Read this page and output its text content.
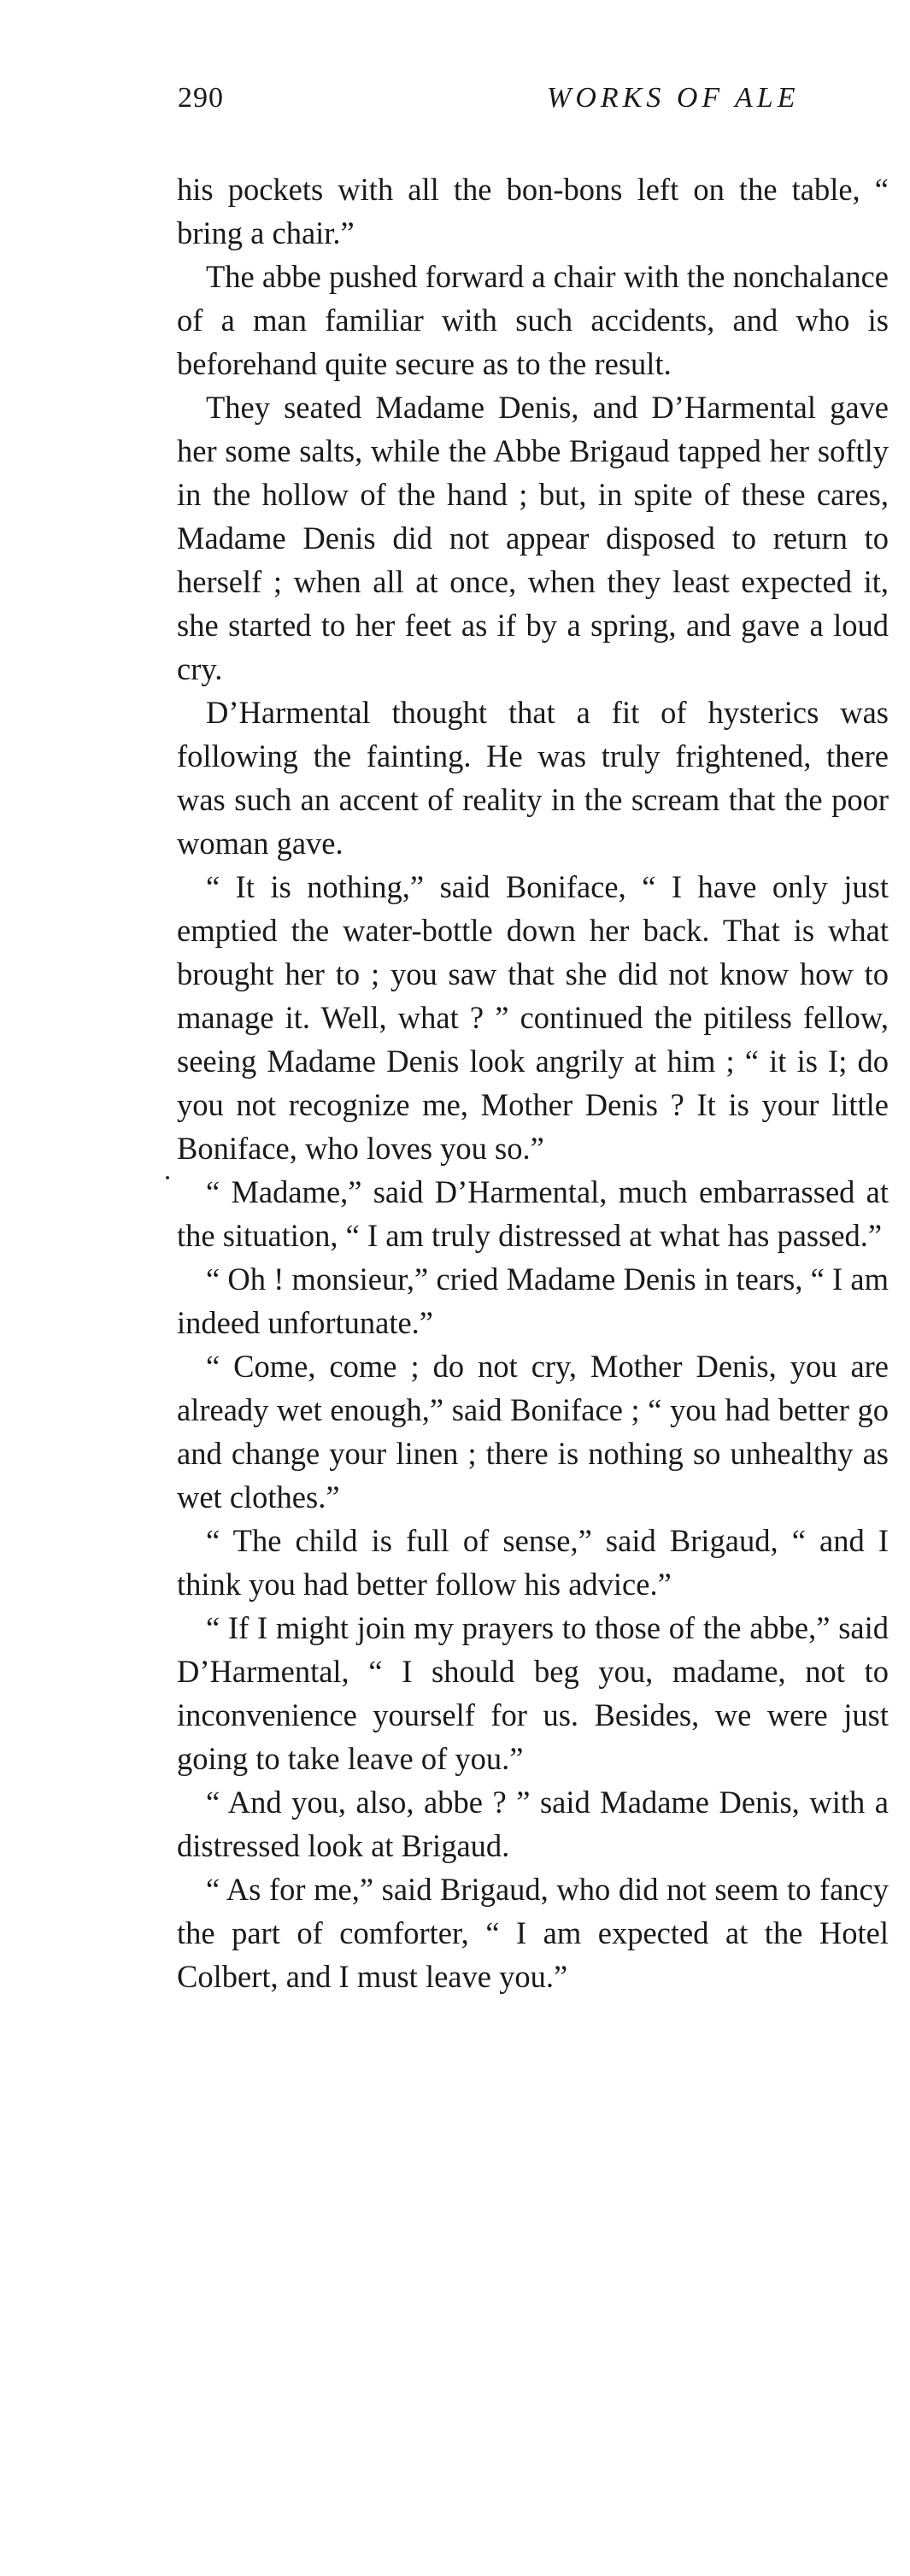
290	WORKS OF ALE

his pockets with all the bon-bons left on the table, “ bring a chair.”

The abbe pushed forward a chair with the nonchalance of a man familiar with such accidents, and who is beforehand quite secure as to the result.

They seated Madame Denis, and D’Harmental gave her some salts, while the Abbe Brigaud tapped her softly in the hollow of the hand ; but, in spite of these cares, Madame Denis did not appear disposed to return to herself ; when all at once, when they least expected it, she started to her feet as if by a spring, and gave a loud cry.

D’Harmental thought that a fit of hysterics was following the fainting. He was truly frightened, there was such an accent of reality in the scream that the poor woman gave.

“ It is nothing,” said Boniface, “ I have only just emptied the water-bottle down her back. That is what brought her to ; you saw that she did not know how to manage it. Well, what ? ” continued the pitiless fellow, seeing Madame Denis look angrily at him ; “ it is I; do you not recognize me, Mother Denis ? It is your little Boniface, who loves you so.”

“ Madame,” said D’Harmental, much embarrassed at the situation, “ I am truly distressed at what has passed.”

“ Oh ! monsieur,” cried Madame Denis in tears, “ I am indeed unfortunate.”

“ Come, come ; do not cry, Mother Denis, you are already wet enough,” said Boniface ; “ you had better go and change your linen ; there is nothing so unhealthy as wet clothes.”

“ The child is full of sense,” said Brigaud, “ and I think you had better follow his advice.”

“ If I might join my prayers to those of the abbe,” said D’Harmental, “ I should beg you, madame, not to inconvenience yourself for us. Besides, we were just going to take leave of you.”

“ And you, also, abbe ? ” said Madame Denis, with a distressed look at Brigaud.

“ As for me,” said Brigaud, who did not seem to fancy the part of comforter, “ I am expected at the Hotel Colbert, and I must leave you.”
